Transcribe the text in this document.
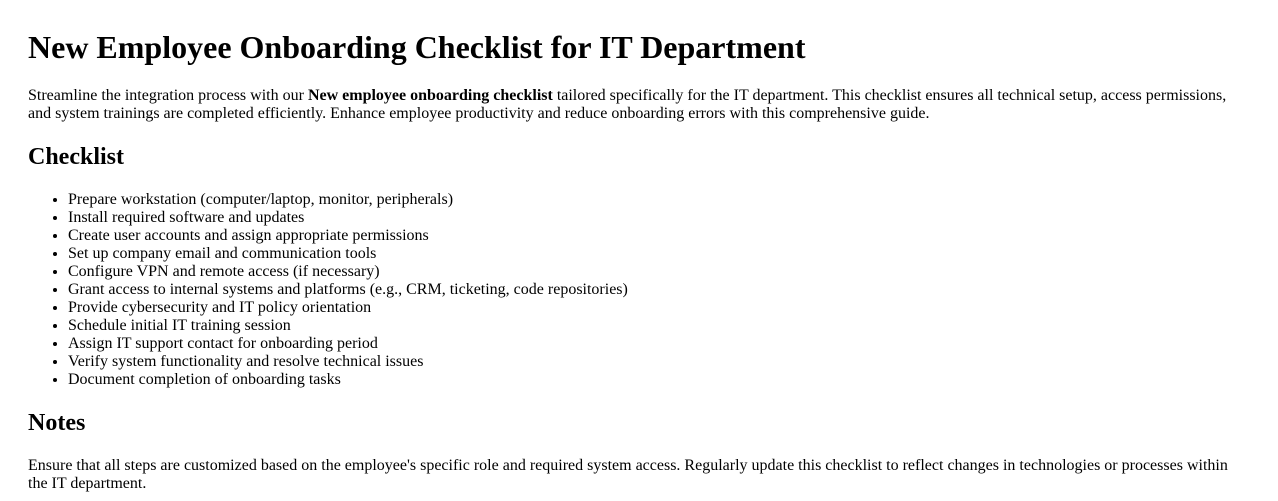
New Employee Onboarding Checklist for IT Department

Streamline the integration process with our New employee onboarding checklist tailored specifically for the IT department. This checklist ensures all technical setup, access permissions, and system trainings are completed efficiently. Enhance employee productivity and reduce onboarding errors with this comprehensive guide.

Checklist
• Prepare workstation (computer/laptop, monitor, peripherals)
• Install required software and updates
• Create user accounts and assign appropriate permissions
• Set up company email and communication tools
• Configure VPN and remote access (if necessary)
• Grant access to internal systems and platforms (e.g., CRM, ticketing, code repositories)
• Provide cybersecurity and IT policy orientation
• Schedule initial IT training session
• Assign IT support contact for onboarding period
• Verify system functionality and resolve technical issues
• Document completion of onboarding tasks
Notes

Ensure that all steps are customized based on the employee's specific role and required system access. Regularly update this checklist to reflect changes in technologies or processes within the IT department.
